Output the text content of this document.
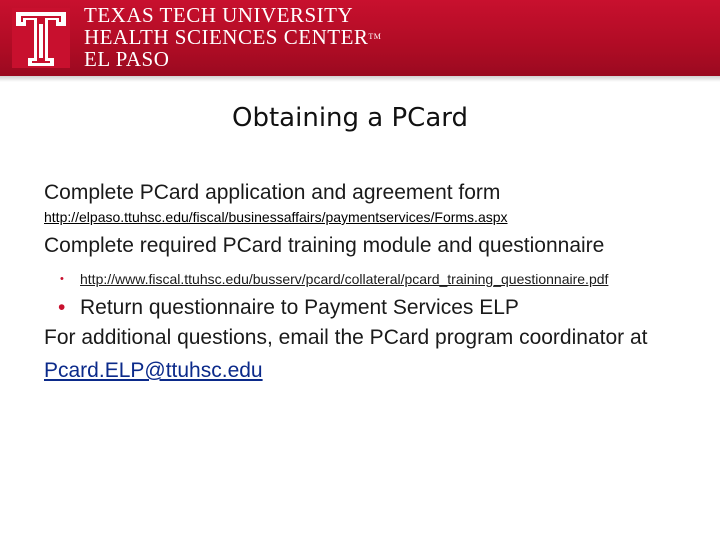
TEXAS TECH UNIVERSITY
HEALTH SCIENCES CENTER™
EL PASO
Obtaining a PCard
Complete PCard application and agreement form
http://elpaso.ttuhsc.edu/fiscal/businessaffairs/paymentservices/Forms.aspx
Complete required PCard training module and questionnaire
• http://www.fiscal.ttuhsc.edu/busserv/pcard/collateral/pcard_training_questionnaire.pdf
• Return questionnaire to Payment Services ELP
For additional questions, email the PCard program coordinator at Pcard.ELP@ttuhsc.edu
